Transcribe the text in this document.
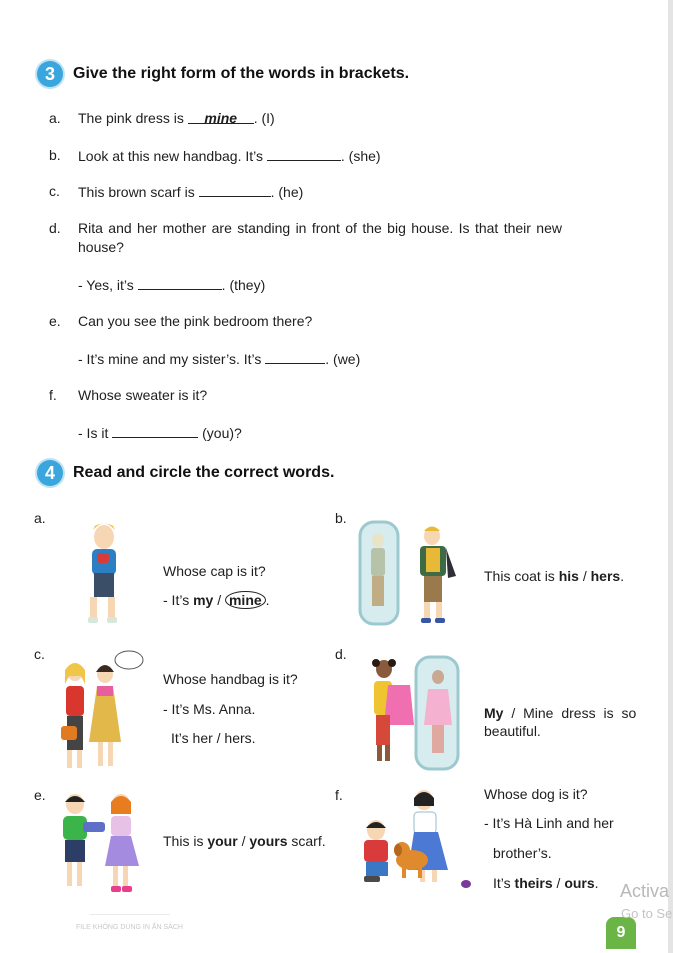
3	Give the right form of the words in brackets.
a. The pink dress is mine . (I)
b. Look at this new handbag. It’s	. (she)
c. This brown scarf is	. (he)
d. Rita and her mother are standing in front of the big house. Is that their new
house?
- Yes, it’s	. (they)
e. Can you see the pink bedroom there?
- It’s mine and my sister’s. It’s	. (we)
f. Whose sweater is it?
- Is it	(you)?
4	Read and circle the correct words.
a.
Whose cap is it?
- It’s my / mine .
b.
This coat is his / hers.
c.
Whose handbag is it?
- It’s Ms. Anna.
It’s her / hers.
d.
My / Mine dress is so
beautiful.
e.
This is your / yours scarf.
f.	Whose dog is it?
- It’s Hà Linh and her
brother’s.
It’s theirs / ours.
FILE KHÔNG DÙNG IN ẤN SÁCH	9
Activa
Go to Se
